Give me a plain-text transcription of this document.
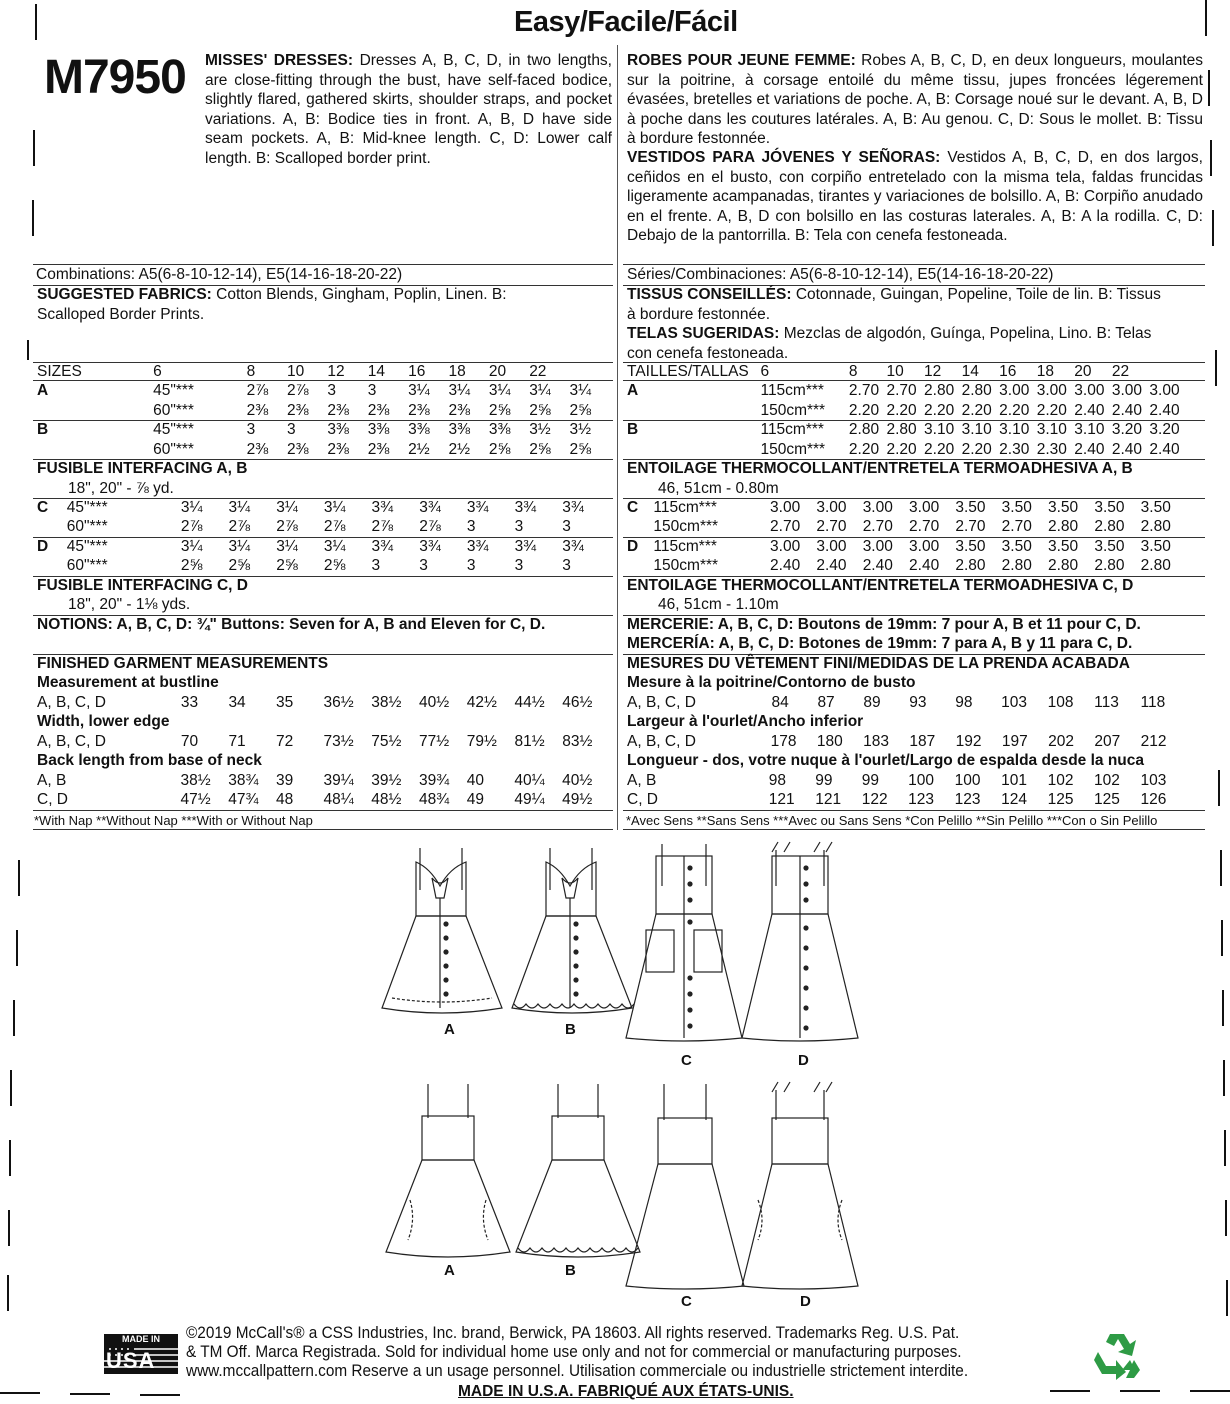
Easy/Facile/Fácil
M7950 MISSES' DRESSES: Dresses A, B, C, D, in two lengths, are close-fitting through the bust, have self-faced bodice, slightly flared, gathered skirts, shoulder straps, and pocket variations. A, B: Bodice ties in front. A, B, D have side seam pockets. A, B: Mid-knee length. C, D: Lower calf length. B: Scalloped border print.
ROBES POUR JEUNE FEMME: Robes A, B, C, D, en deux longueurs, moulantes sur la poitrine, à corsage entoilé du même tissu, jupes froncées légerement évasées, bretelles et variations de poche. A, B: Corsage noué sur le devant. A, B, D à poche dans les coutures latérales. A, B: Au genou. C, D: Sous le mollet. B: Tissu à bordure festonnée.
VESTIDOS PARA JÓVENES Y SEÑORAS: Vestidos A, B, C, D, en dos largos, ceñidos en el busto, con corpiño entretelado con la misma tela, faldas fruncidas ligeramente acampanadas, tirantes y variaciones de bolsillo. A, B: Corpiño anudado en el frente. A, B, D con bolsillo en las costuras laterales. A, B: A la rodilla. C, D: Debajo de la pantorrilla. B: Tela con cenefa festoneada.
Combinations: A5(6-8-10-12-14), E5(14-16-18-20-22)
SUGGESTED FABRICS: Cotton Blends, Gingham, Poplin, Linen. B:
Scalloped Border Prints.
Séries/Combinaciones: A5(6-8-10-12-14), E5(14-16-18-20-22)
TISSUS CONSEILLÉS: Cotonnade, Guingan, Popeline, Toile de lin. B: Tissus
à bordure festonnée.
TELAS SUGERIDAS: Mezclas de algodón, Guínga, Popelina, Lino. B: Telas
con cenefa festoneada.
SIZES	6	8	10	12	14	16	18	20	22	
A	45"***	2⅞	2⅞	3	3	3¼	3¼	3¼	3¼	3¼
	60"***	2⅜	2⅜	2⅜	2⅜	2⅜	2⅜	2⅝	2⅝	2⅝
B	45"***	3	3	3⅜	3⅜	3⅜	3⅜	3⅜	3½	3½
	60"***	2⅜	2⅜	2⅜	2⅜	2½	2½	2⅝	2⅝	2⅝
FUSIBLE INTERFACING A, B
18", 20" - ⅞ yd.
C	45"***	3¼	3¼	3¼	3¼	3¾	3¾	3¾	3¾	3¾
	60"***	2⅞	2⅞	2⅞	2⅞	2⅞	2⅞	3	3	3
D	45"***	3¼	3¼	3¼	3¼	3¾	3¾	3¾	3¾	3¾
	60"***	2⅝	2⅝	2⅝	2⅝	3	3	3	3	3
FUSIBLE INTERFACING C, D
18", 20" - 1⅛ yds.
NOTIONS: A, B, C, D: ¾" Buttons: Seven for A, B and Eleven for C, D.
FINISHED GARMENT MEASUREMENTS
Measurement at bustline
A, B, C, D	33	34	35	36½	38½	40½	42½	44½	46½
Width, lower edge
A, B, C, D	70	71	72	73½	75½	77½	79½	81½	83½
Back length from base of neck
A, B	38½	38¾	39	39¼	39½	39¾	40	40¼	40½
C, D	47½	47¾	48	48¼	48½	48¾	49	49¼	49½
*With Nap **Without Nap ***With or Without Nap
TAILLES/TALLAS	6	8	10	12	14	16	18	20	22	
A	115cm***	2.70	2.70	2.80	2.80	3.00	3.00	3.00	3.00	3.00
	150cm***	2.20	2.20	2.20	2.20	2.20	2.20	2.40	2.40	2.40
B	115cm***	2.80	2.80	3.10	3.10	3.10	3.10	3.10	3.20	3.20
	150cm***	2.20	2.20	2.20	2.20	2.30	2.30	2.40	2.40	2.40
ENTOILAGE THERMOCOLLANT/ENTRETELA TERMOADHESIVA A, B
46, 51cm - 0.80m
C	115cm***	3.00	3.00	3.00	3.00	3.50	3.50	3.50	3.50	3.50
	150cm***	2.70	2.70	2.70	2.70	2.70	2.70	2.80	2.80	2.80
D	115cm***	3.00	3.00	3.00	3.00	3.50	3.50	3.50	3.50	3.50
	150cm***	2.40	2.40	2.40	2.40	2.80	2.80	2.80	2.80	2.80
ENTOILAGE THERMOCOLLANT/ENTRETELA TERMOADHESIVA C, D
46, 51cm - 1.10m
MERCERIE: A, B, C, D: Boutons de 19mm: 7 pour A, B et 11 pour C, D.
MERCERÍA: A, B, C, D: Botones de 19mm: 7 para A, B y 11 para C, D.
MESURES DU VÊTEMENT FINI/MEDIDAS DE LA PRENDA ACABADA
Mesure à la poitrine/Contorno de busto
A, B, C, D	84	87	89	93	98	103	108	113	118
Largeur à l'ourlet/Ancho inferior
A, B, C, D	178	180	183	187	192	197	202	207	212
Longueur - dos, votre nuque à l'ourlet/Largo de espalda desde la nuca
A, B	98	99	99	100	100	101	102	102	103
C, D	121	121	122	123	123	124	125	125	126
*Avec Sens **Sans Sens ***Avec ou Sans Sens *Con Pelillo **Sin Pelillo ***Con o Sin Pelillo
A	B
C	D
A	B
C	D
MADE IN
USA
©2019 McCall's® a CSS Industries, Inc. brand, Berwick, PA 18603. All rights reserved. Trademarks Reg. U.S. Pat.
& TM Off. Marca Registrada. Sold for individual home use only and not for commercial or manufacturing purposes.
www.mccallpattern.com Reserve a un usage personnel. Utilisation commerciale ou industrielle strictement interdite.
MADE IN U.S.A. FABRIQUÉ AUX ÉTATS-UNIS.
